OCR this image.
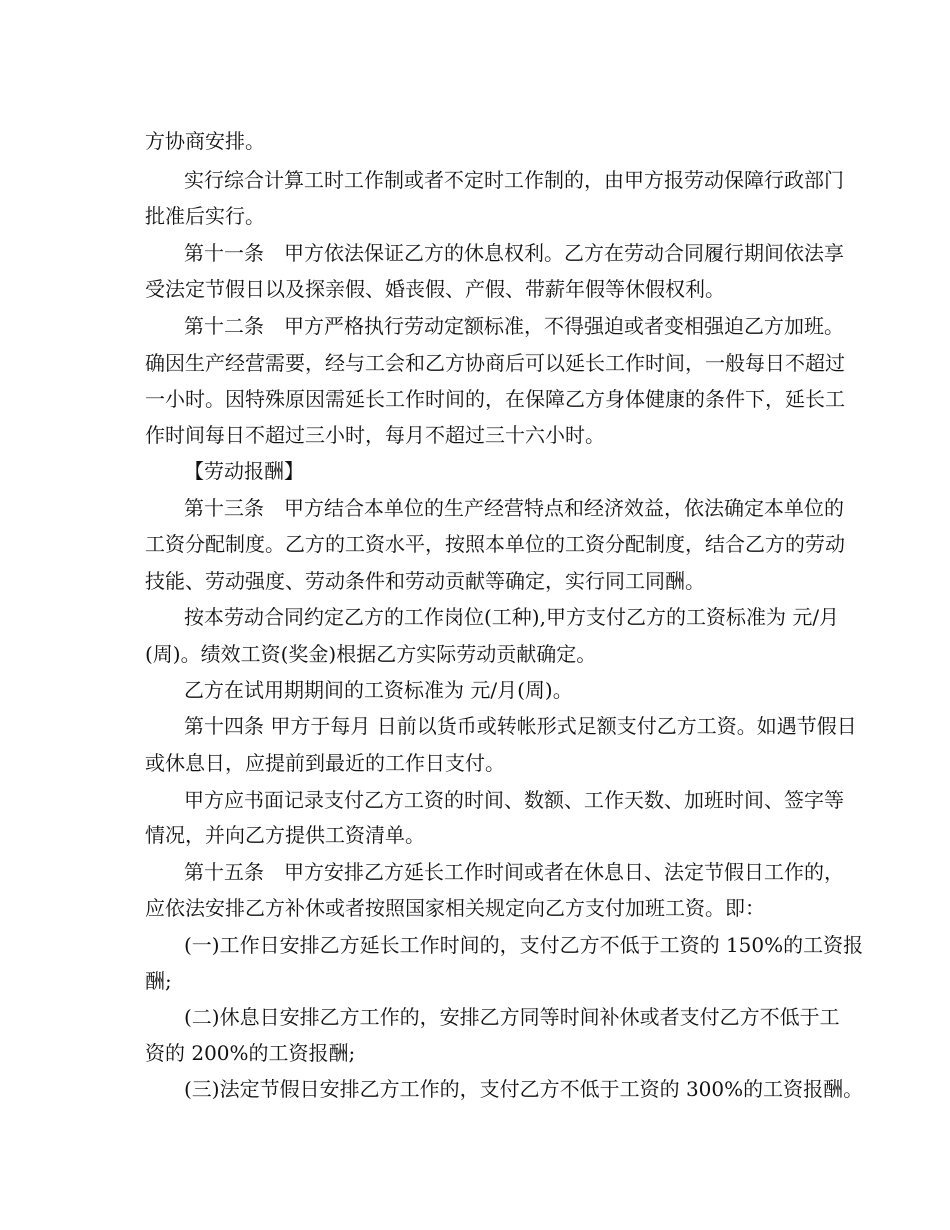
方协商安排。
实行综合计算工时工作制或者不定时工作制的，由甲方报劳动保障行政部门
批准后实行。
第十一条　甲方依法保证乙方的休息权利。乙方在劳动合同履行期间依法享
受法定节假日以及探亲假、婚丧假、产假、带薪年假等休假权利。
第十二条　甲方严格执行劳动定额标准，不得强迫或者变相强迫乙方加班。
确因生产经营需要，经与工会和乙方协商后可以延长工作时间，一般每日不超过
一小时。因特殊原因需延长工作时间的，在保障乙方身体健康的条件下，延长工
作时间每日不超过三小时，每月不超过三十六小时。
【劳动报酬】
第十三条　甲方结合本单位的生产经营特点和经济效益，依法确定本单位的
工资分配制度。乙方的工资水平，按照本单位的工资分配制度，结合乙方的劳动
技能、劳动强度、劳动条件和劳动贡献等确定，实行同工同酬。
按本劳动合同约定乙方的工作岗位(工种),甲方支付乙方的工资标准为 元/月
(周)。绩效工资(奖金)根据乙方实际劳动贡献确定。
乙方在试用期期间的工资标准为 元/月(周)。
第十四条 甲方于每月 日前以货币或转帐形式足额支付乙方工资。如遇节假日
或休息日，应提前到最近的工作日支付。
甲方应书面记录支付乙方工资的时间、数额、工作天数、加班时间、签字等
情况，并向乙方提供工资清单。
第十五条　甲方安排乙方延长工作时间或者在休息日、法定节假日工作的，
应依法安排乙方补休或者按照国家相关规定向乙方支付加班工资。即：
(一)工作日安排乙方延长工作时间的，支付乙方不低于工资的 150%的工资报
酬;
(二)休息日安排乙方工作的，安排乙方同等时间补休或者支付乙方不低于工
资的 200%的工资报酬;
(三)法定节假日安排乙方工作的，支付乙方不低于工资的 300%的工资报酬。
